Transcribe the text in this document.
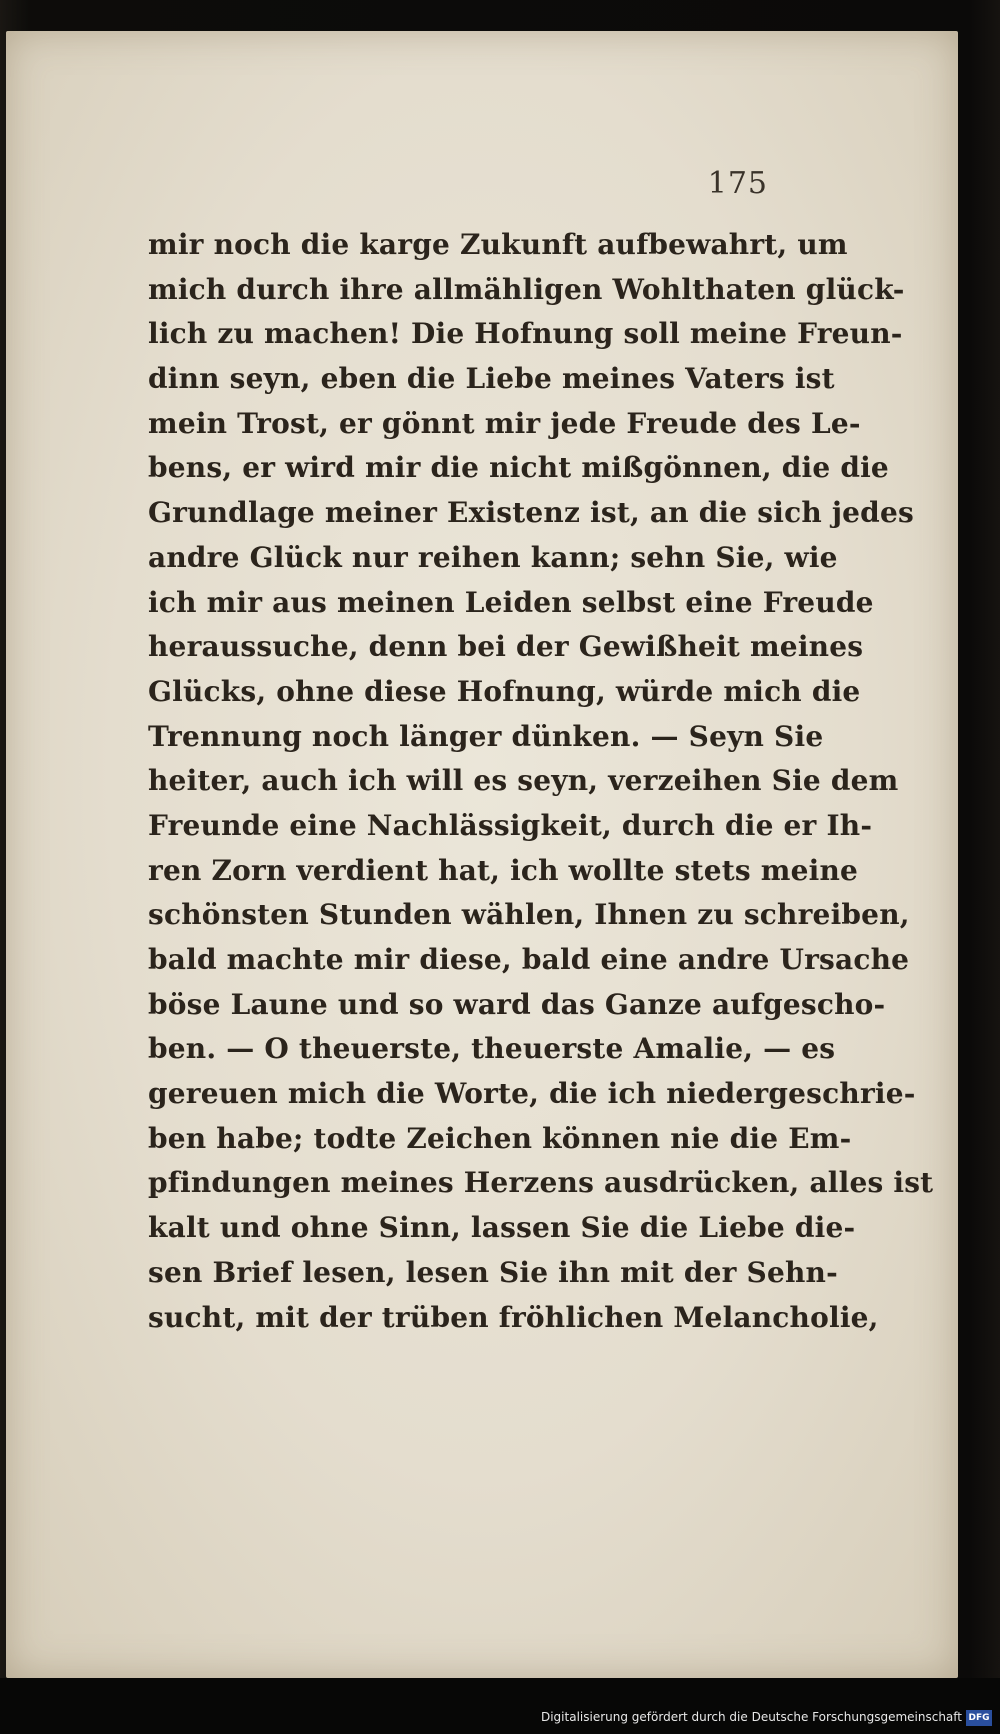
175
mir noch die karge Zukunft aufbewahrt, um
mich durch ihre allmähligen Wohlthaten glück-
lich zu machen! Die Hofnung soll meine Freun-
dinn seyn, eben die Liebe meines Vaters ist
mein Trost, er gönnt mir jede Freude des Le-
bens, er wird mir die nicht mißgönnen, die die
Grundlage meiner Existenz ist, an die sich jedes
andre Glück nur reihen kann; sehn Sie, wie
ich mir aus meinen Leiden selbst eine Freude
heraussuche, denn bei der Gewißheit meines
Glücks, ohne diese Hofnung, würde mich die
Trennung noch länger dünken. — Seyn Sie
heiter, auch ich will es seyn, verzeihen Sie dem
Freunde eine Nachlässigkeit, durch die er Ih-
ren Zorn verdient hat, ich wollte stets meine
schönsten Stunden wählen, Ihnen zu schreiben,
bald machte mir diese, bald eine andre Ursache
böse Laune und so ward das Ganze aufgescho-
ben. — O theuerste, theuerste Amalie, — es
gereuen mich die Worte, die ich niedergeschrie-
ben habe; todte Zeichen können nie die Em-
pfindungen meines Herzens ausdrücken, alles ist
kalt und ohne Sinn, lassen Sie die Liebe die-
sen Brief lesen, lesen Sie ihn mit der Sehn-
sucht, mit der trüben fröhlichen Melancholie,
Digitalisierung gefördert durch die Deutsche Forschungsgemeinschaft DFG
